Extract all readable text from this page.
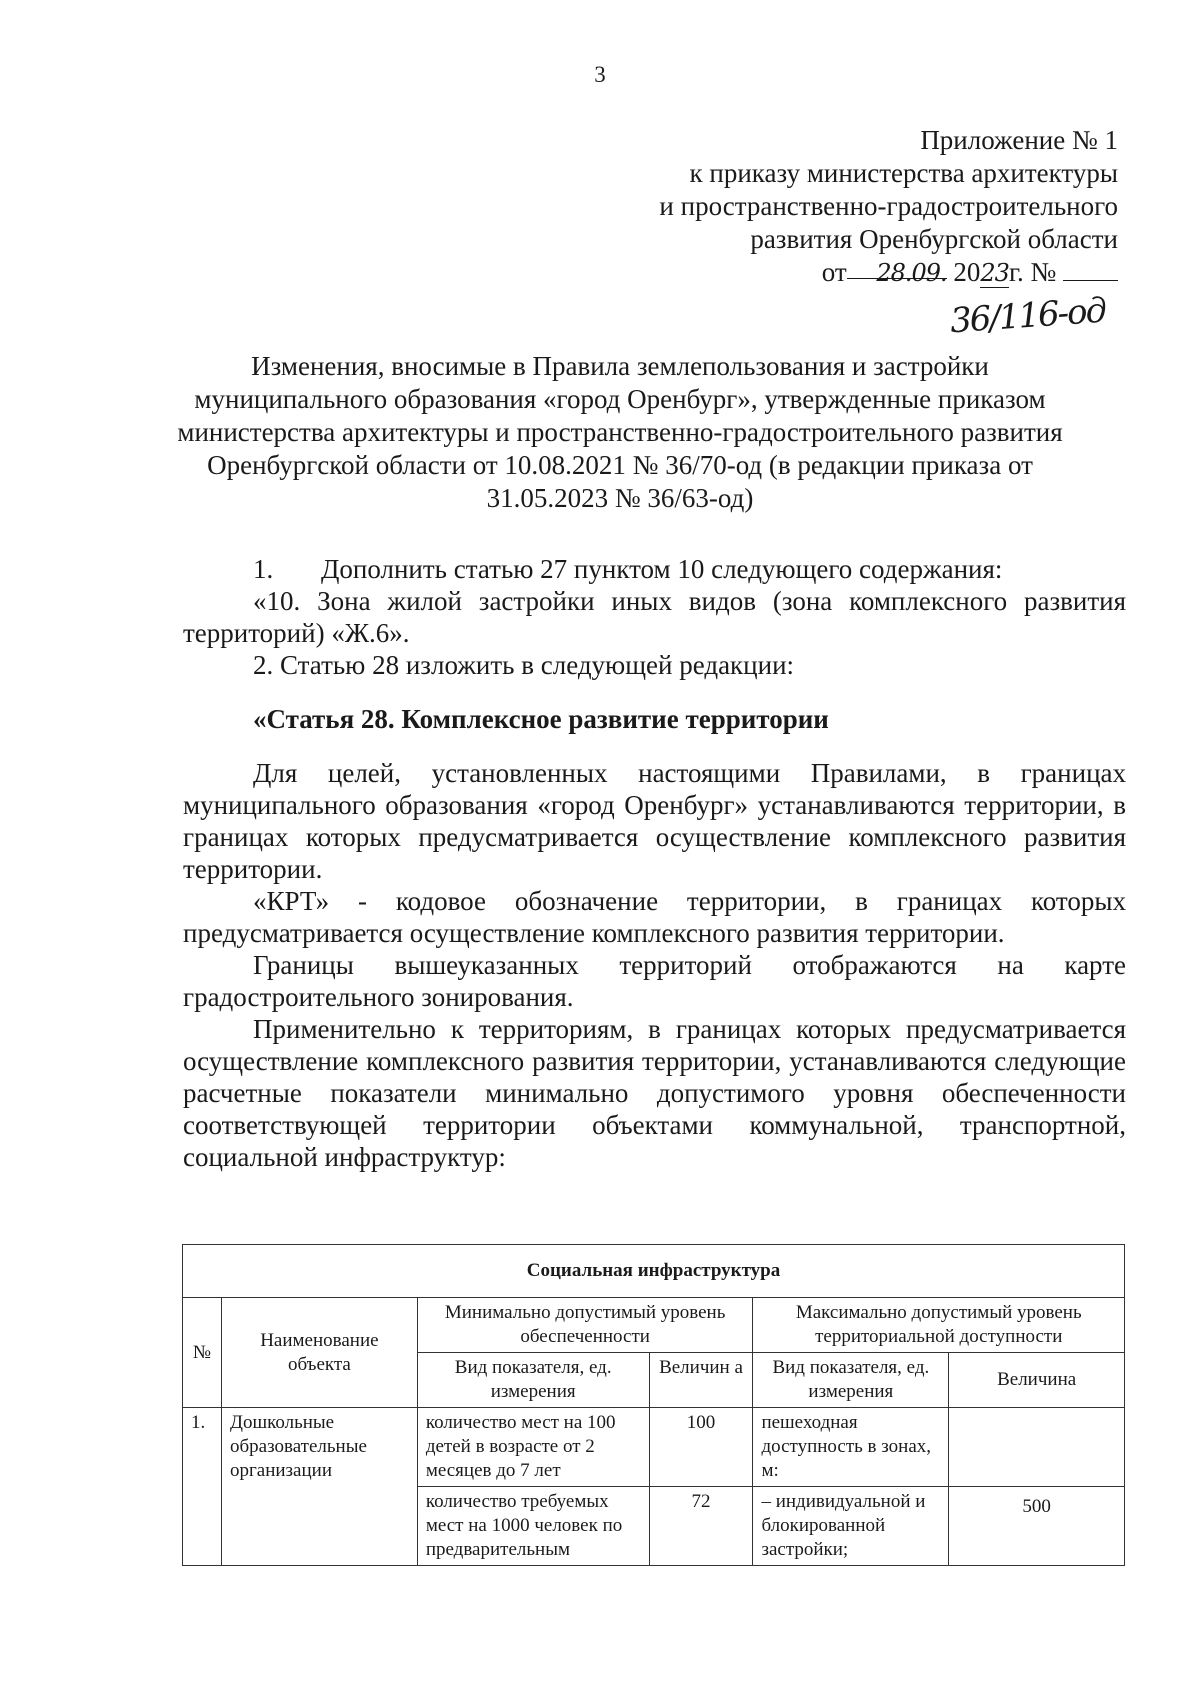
3
Приложение № 1
к приказу министерства архитектуры
и пространственно-градостроительного
развития Оренбургской области
от 28.09. 2023г. №
36/116-од
Изменения, вносимые в Правила землепользования и застройки
муниципального образования «город Оренбург», утвержденные приказом
министерства архитектуры и пространственно-градостроительного развития
Оренбургской области от 10.08.2021 № 36/70-од (в редакции приказа от
31.05.2023 № 36/63-од)

1. Дополнить статью 27 пунктом 10 следующего содержания:

«10. Зона жилой застройки иных видов (зона комплексного развития территорий) «Ж.6».

2. Статью 28 изложить в следующей редакции:

«Статья 28. Комплексное развитие территории

Для целей, установленных настоящими Правилами, в границах муниципального образования «город Оренбург» устанавливаются территории, в границах которых предусматривается осуществление комплексного развития территории.

«КРТ» - кодовое обозначение территории, в границах которых предусматривается осуществление комплексного развития территории.

Границы вышеуказанных территорий отображаются на карте градостроительного зонирования.

Применительно к территориям, в границах которых предусматривается осуществление комплексного развития территории, устанавливаются следующие расчетные показатели минимально допустимого уровня обеспеченности соответствующей территории объектами коммунальной, транспортной, социальной инфраструктур:

Социальная инфраструктура					
№	Наименование объекта	Минимально допустимый уровень обеспеченности		Максимально допустимый уровень территориальной доступности	
		Вид показателя, ед. измерения	Величин а	Вид показателя, ед. измерения	Величина
1.	Дошкольные образовательные организации	количество мест на 100 детей в возрасте от 2 месяцев до 7 лет	100	пешеходная доступность в зонах, м:	
		количество требуемых мест на 1000 человек по предварительным	72	– индивидуальной и блокированной застройки;	500
